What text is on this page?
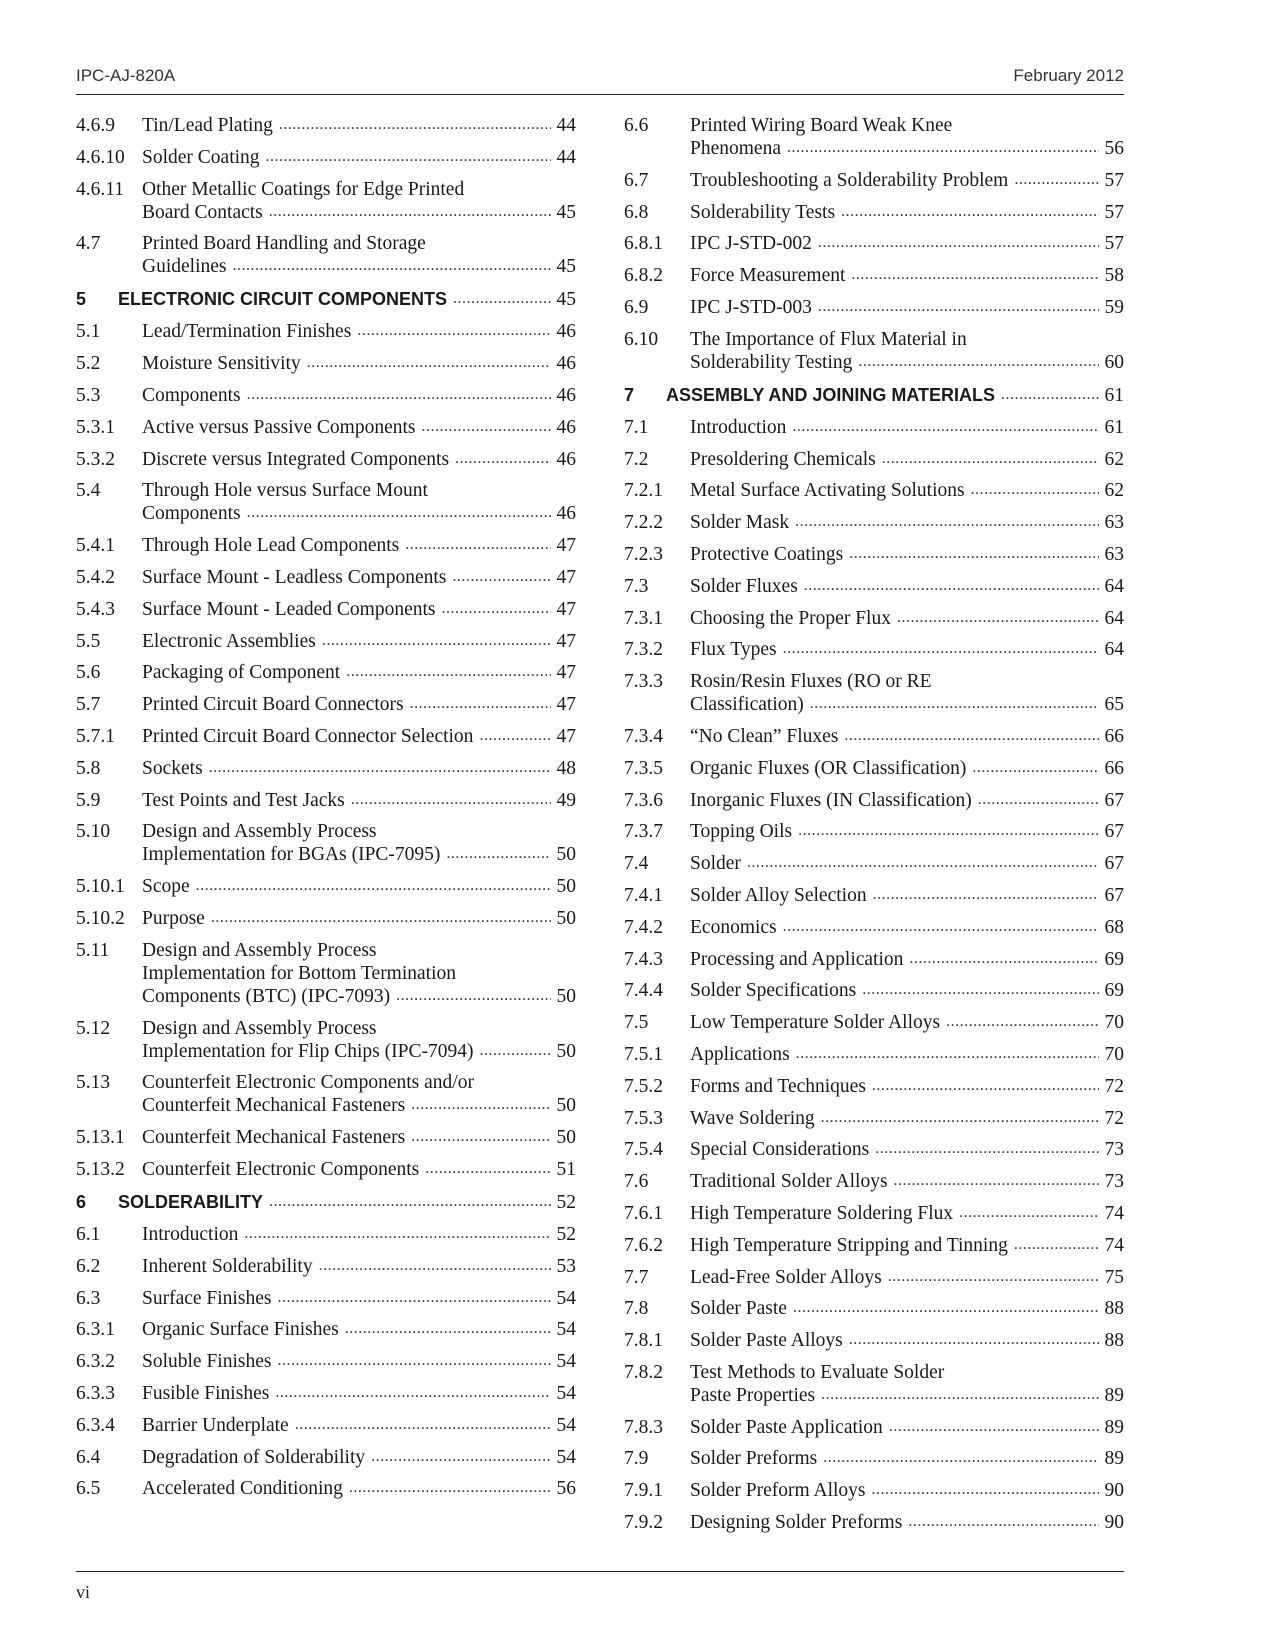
IPC-AJ-820A	February 2012
4.6.9	Tin/Lead Plating .....	44
4.6.10 Solder Coating .....	44
4.6.11 Other Metallic Coatings for Edge Printed
Board Contacts .....	45
4.7	Printed Board Handling and Storage
Guidelines .....	45
5	ELECTRONIC CIRCUIT COMPONENTS .....	45
5.1	Lead/Termination Finishes .....	46
5.2	Moisture Sensitivity .....	46
5.3	Components .....	46
5.3.1	Active versus Passive Components .....	46
5.3.2	Discrete versus Integrated Components .....	46
5.4	Through Hole versus Surface Mount
Components .....	46
5.4.1	Through Hole Lead Components .....	47
5.4.2	Surface Mount - Leadless Components .....	47
5.4.3	Surface Mount - Leaded Components .....	47
5.5	Electronic Assemblies .....	47
5.6	Packaging of Component .....	47
5.7	Printed Circuit Board Connectors .....	47
5.7.1	Printed Circuit Board Connector Selection .....	47
5.8	Sockets .....	48
5.9	Test Points and Test Jacks .....	49
5.10	Design and Assembly Process
Implementation for BGAs (IPC-7095) .....	50
5.10.1 Scope .....	50
5.10.2 Purpose .....	50
5.11	Design and Assembly Process
Implementation for Bottom Termination
Components (BTC) (IPC-7093) .....	50
5.12	Design and Assembly Process
Implementation for Flip Chips (IPC-7094) .....	50
5.13	Counterfeit Electronic Components and/or
Counterfeit Mechanical Fasteners .....	50
5.13.1 Counterfeit Mechanical Fasteners .....	50
5.13.2 Counterfeit Electronic Components .....	51
6	SOLDERABILITY .....	52
6.1	Introduction .....	52
6.2	Inherent Solderability .....	53
6.3	Surface Finishes .....	54
6.3.1	Organic Surface Finishes .....	54
6.3.2	Soluble Finishes .....	54
6.3.3	Fusible Finishes .....	54
6.3.4	Barrier Underplate .....	54
6.4	Degradation of Solderability .....	54
6.5	Accelerated Conditioning .....	56
6.6	Printed Wiring Board Weak Knee
Phenomena .....	56
6.7	Troubleshooting a Solderability Problem .....	57
6.8	Solderability Tests .....	57
6.8.1	IPC J-STD-002 .....	57
6.8.2	Force Measurement .....	58
6.9	IPC J-STD-003 .....	59
6.10	The Importance of Flux Material in
Solderability Testing .....	60
7	ASSEMBLY AND JOINING MATERIALS .....	61
7.1	Introduction .....	61
7.2	Presoldering Chemicals .....	62
7.2.1	Metal Surface Activating Solutions .....	62
7.2.2	Solder Mask .....	63
7.2.3	Protective Coatings .....	63
7.3	Solder Fluxes .....	64
7.3.1	Choosing the Proper Flux .....	64
7.3.2	Flux Types .....	64
7.3.3	Rosin/Resin Fluxes (RO or RE
Classification) .....	65
7.3.4	“No Clean” Fluxes .....	66
7.3.5	Organic Fluxes (OR Classification) .....	66
7.3.6	Inorganic Fluxes (IN Classification) .....	67
7.3.7	Topping Oils .....	67
7.4	Solder .....	67
7.4.1	Solder Alloy Selection .....	67
7.4.2	Economics .....	68
7.4.3	Processing and Application .....	69
7.4.4	Solder Specifications .....	69
7.5	Low Temperature Solder Alloys .....	70
7.5.1	Applications .....	70
7.5.2	Forms and Techniques .....	72
7.5.3	Wave Soldering .....	72
7.5.4	Special Considerations .....	73
7.6	Traditional Solder Alloys .....	73
7.6.1	High Temperature Soldering Flux .....	74
7.6.2	High Temperature Stripping and Tinning .....	74
7.7	Lead-Free Solder Alloys .....	75
7.8	Solder Paste .....	88
7.8.1	Solder Paste Alloys .....	88
7.8.2	Test Methods to Evaluate Solder
Paste Properties .....	89
7.8.3	Solder Paste Application .....	89
7.9	Solder Preforms .....	89
7.9.1	Solder Preform Alloys .....	90
7.9.2	Designing Solder Preforms .....	90
vi
